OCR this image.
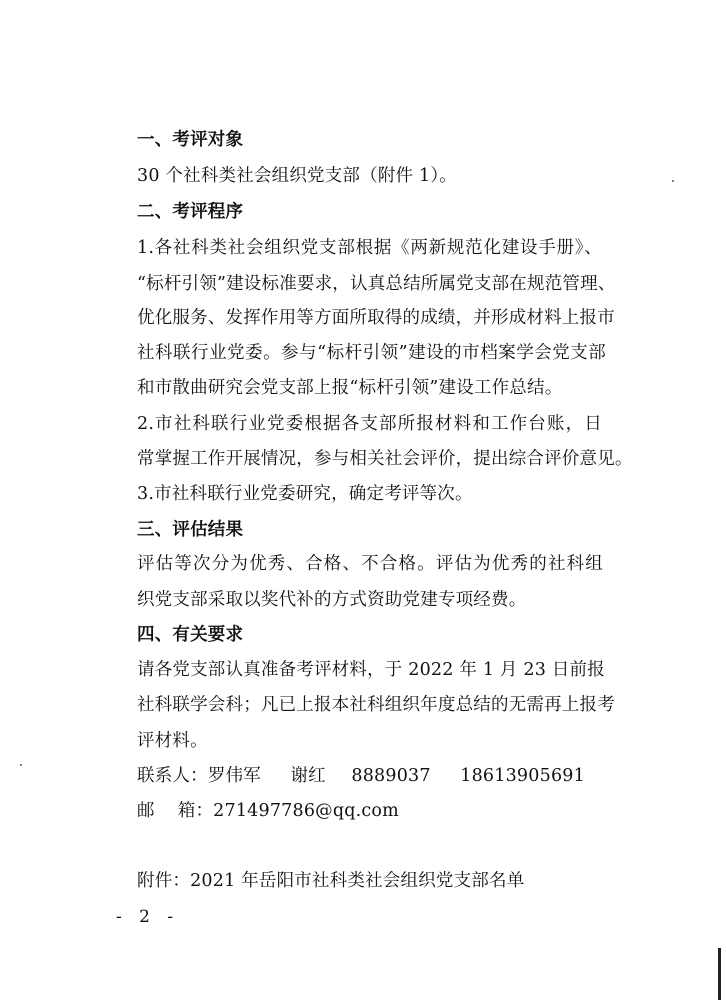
一、考评对象
30 个社科类社会组织党支部（附件 1）。
二、考评程序
1.各社科类社会组织党支部根据《两新规范化建设手册》、
“标杆引领”建设标准要求，认真总结所属党支部在规范管理、
优化服务、发挥作用等方面所取得的成绩，并形成材料上报市
社科联行业党委。参与“标杆引领”建设的市档案学会党支部
和市散曲研究会党支部上报“标杆引领”建设工作总结。
2.市社科联行业党委根据各支部所报材料和工作台账，日
常掌握工作开展情况，参与相关社会评价，提出综合评价意见。
3.市社科联行业党委研究，确定考评等次。
三、评估结果
评估等次分为优秀、合格、不合格。评估为优秀的社科组
织党支部采取以奖代补的方式资助党建专项经费。
四、有关要求
请各党支部认真准备考评材料，于 2022 年 1 月 23 日前报
社科联学会科；凡已上报本社科组织年度总结的无需再上报考
评材料。
联系人：罗伟军 谢红 8889037 18613905691
邮    箱：271497786@qq.com
附件：2021 年岳阳市社科类社会组织党支部名单
- 2 -
